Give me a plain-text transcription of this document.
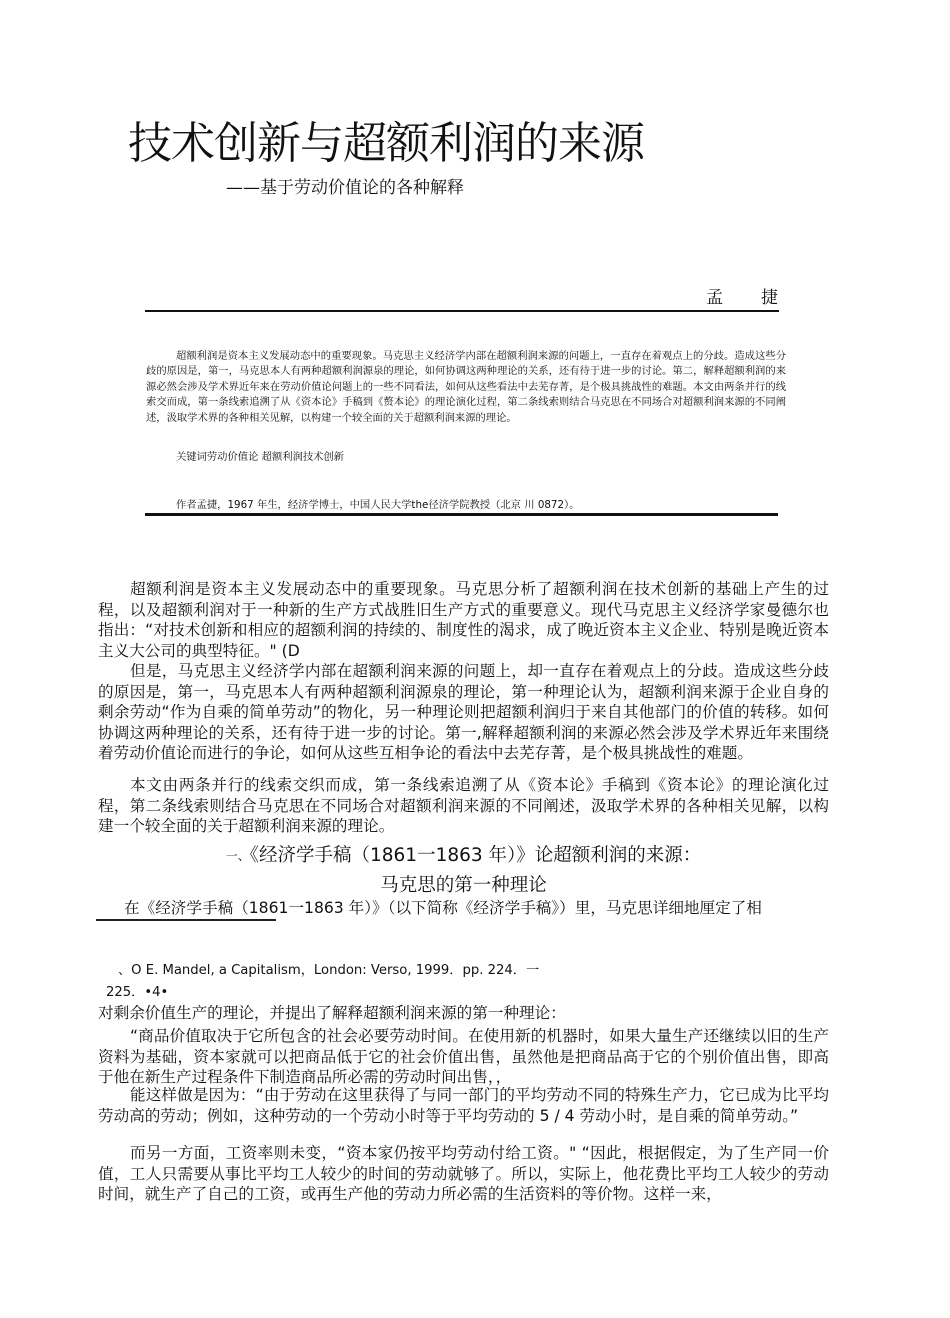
技术创新与超额利润的来源
——基于劳动价值论的各种解释
孟 捷

超额利润是资本主义发展动态中的重要现象。马克思主义经济学内部在超额利润来源的问题上，一直存在着观点上的分歧。造成这些分歧的原因是，第一，马克思本人有两种超额利润源泉的理论，如何协调这两种理论的关系，还有待于进一步的讨论。第二，解释超额利润的来源必然会涉及学术界近年来在劳动价值论问题上的一些不同看法，如何从这些看法中去芜存菁，是个极具挑战性的难题。本文由两条并行的线索交而成，第一条线索追溯了从《资本论》手稿到《赘本论》的理论演化过程，第二条线索则结合马克思在不同场合对超额利润来源的不同阐述，汲取学术界的各种相关见解，以构建一个较全面的关于超额利润来源的理论。

关键词劳动价值论 超额利润技术创新
作者孟捷，1967 年生，经济学博士，中国人民大学the径济学院教授（北京 川 0872）。

超额利润是资本主义发展动态中的重要现象。马克思分析了超额利润在技术创新的基础上产生的过程，以及超额利润对于一种新的生产方式战胜旧生产方式的重要意义。现代马克思主义经济学家曼德尔也指出：“对技术创新和相应的超额利润的持续的、制度性的渴求，成了晚近资本主义企业、特别是晚近资本主义大公司的典型特征。" (D

但是，马克思主义经济学内部在超额利润来源的问题上，却一直存在着观点上的分歧。造成这些分歧的原因是，第一，马克思本人有两种超额利润源泉的理论，第一种理论认为，超额利润来源于企业自身的剩余劳动“作为自乘的简单劳动”的物化，另一种理论则把超额利润归于来自其他部门的价值的转移。如何协调这两种理论的关系，还有待于进一步的讨论。第一,解释超额利润的来源必然会涉及学术界近年来围绕着劳动价值论而进行的争论，如何从这些互相争论的看法中去芜存菁，是个极具挑战性的难题。

本文由两条并行的线索交织而成，第一条线索追溯了从《资本论》手稿到《资本论》的理论演化过程，第二条线索则结合马克思在不同场合对超额利润来源的不同阐述，汲取学术界的各种相关见解，以构建一个较全面的关于超额利润来源的理论。

一、《经济学手稿（1861一1863 年）》论超额利润的来源：
马克思的第一种理论

在《经济学手稿（1861一1863 年）》（以下简称《经济学手稿》）里，马克思详细地厘定了相

、O E. Mandel, a Capitalism，London: Verso, 1999．pp. 224．一
225．•4•

对剩余价值生产的理论，并提出了解释超额利润来源的第一种理论：

“商品价值取决于它所包含的社会必要劳动时间。在使用新的机器时，如果大量生产还继续以旧的生产资料为基础，资本家就可以把商品低于它的社会价值出售，虽然他是把商品高于它的个别价值出售，即高于他在新生产过程条件下制造商品所必需的劳动时间出售，，

能这样做是因为：“由于劳动在这里获得了与同一部门的平均劳动不同的特殊生产力，它已成为比平均劳动高的劳动；例如，这种劳动的一个劳动小时等于平均劳动的 5 / 4 劳动小时，是自乘的简单劳动。”

而另一方面，工资率则未变，“资本家仍按平均劳动付给工资。" “因此，根据假定，为了生产同一价值，工人只需要从事比平均工人较少的时间的劳动就够了。所以，实际上，他花费比平均工人较少的劳动时间，就生产了自己的工资，或再生产他的劳动力所必需的生活资料的等价物。这样一来，
